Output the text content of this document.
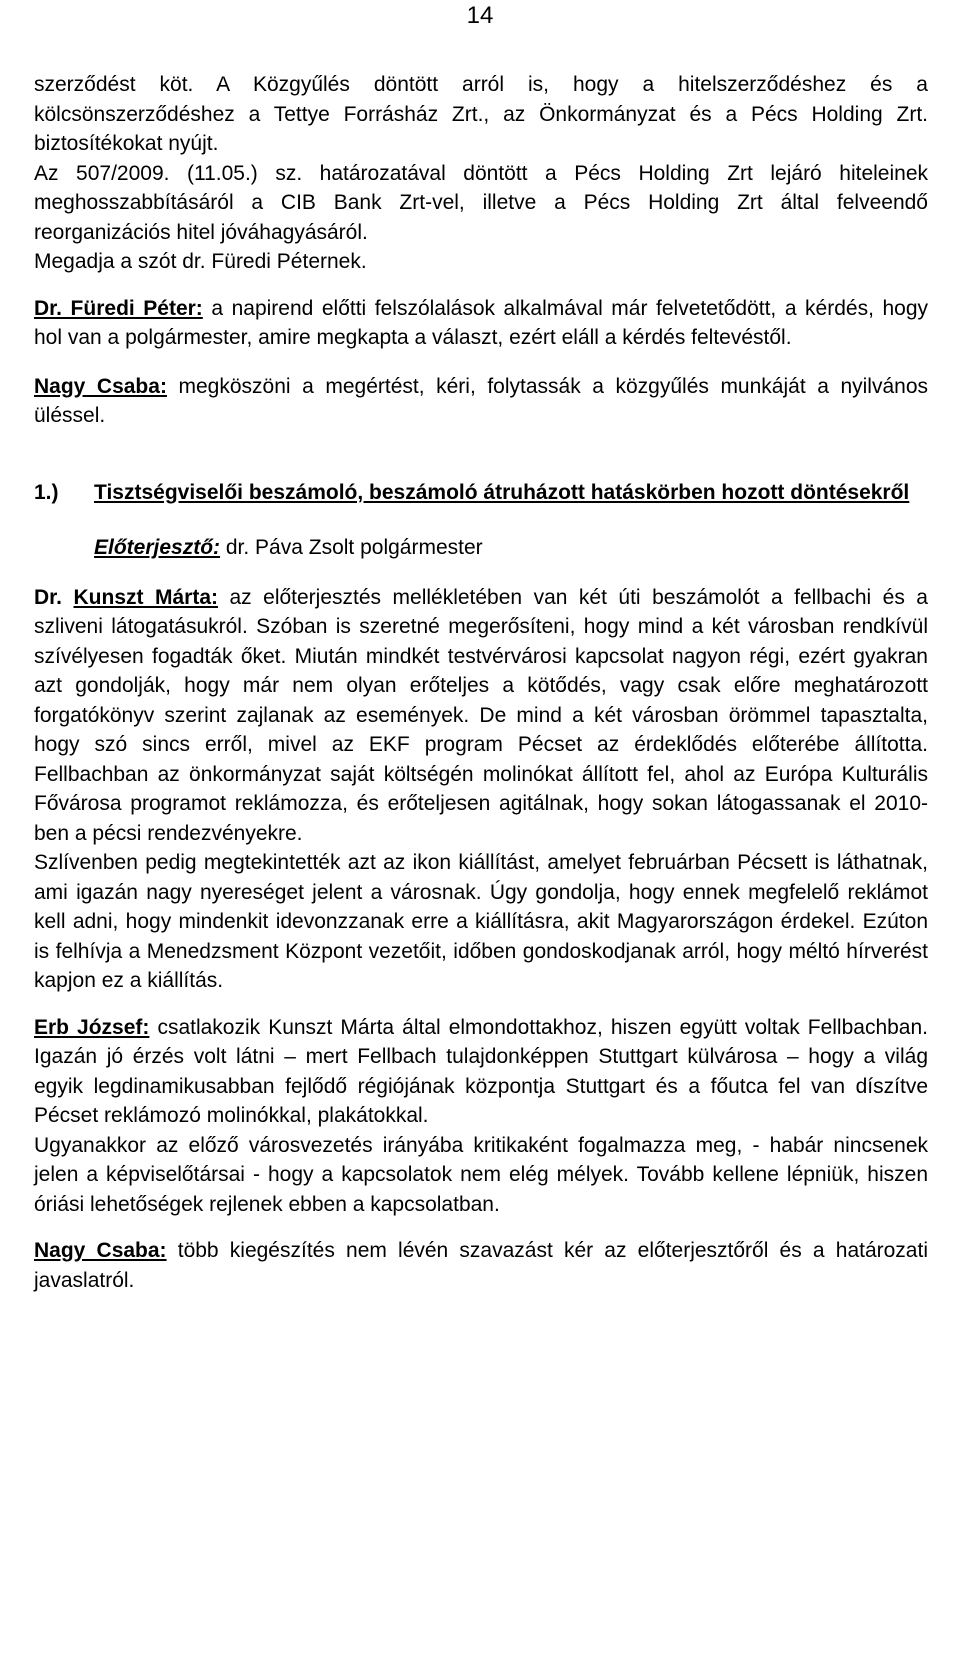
14

szerződést köt. A Közgyűlés döntött arról is, hogy a hitelszerződéshez és a kölcsönszerződéshez a Tettye Forrásház Zrt., az Önkormányzat és a Pécs Holding Zrt. biztosítékokat nyújt.

Az 507/2009. (11.05.) sz. határozatával döntött a Pécs Holding Zrt lejáró hiteleinek meghosszabbításáról a CIB Bank Zrt-vel, illetve a Pécs Holding Zrt által felveendő reorganizációs hitel jóváhagyásáról.

Megadja a szót dr. Füredi Péternek.

Dr. Füredi Péter: a napirend előtti felszólalások alkalmával már felvetetődött, a kérdés, hogy hol van a polgármester, amire megkapta a választ, ezért eláll a kérdés feltevéstől.

Nagy Csaba: megköszöni a megértést, kéri, folytassák a közgyűlés munkáját a nyilvános üléssel.

1.)	Tisztségviselői beszámoló, beszámoló átruházott hatáskörben hozott döntésekről

Előterjesztő: dr. Páva Zsolt polgármester

Dr. Kunszt Márta: az előterjesztés mellékletében van két úti beszámolót a fellbachi és a szliveni látogatásukról. Szóban is szeretné megerősíteni, hogy mind a két városban rendkívül szívélyesen fogadták őket. Miután mindkét testvérvárosi kapcsolat nagyon régi, ezért gyakran azt gondolják, hogy már nem olyan erőteljes a kötődés, vagy csak előre meghatározott forgatókönyv szerint zajlanak az események. De mind a két városban örömmel tapasztalta, hogy szó sincs erről, mivel az EKF program Pécset az érdeklődés előterébe állította. Fellbachban az önkormányzat saját költségén molinókat állított fel, ahol az Európa Kulturális Fővárosa programot reklámozza, és erőteljesen agitálnak, hogy sokan látogassanak el 2010-ben a pécsi rendezvényekre.

Szlívenben pedig megtekintették azt az ikon kiállítást, amelyet februárban Pécsett is láthatnak, ami igazán nagy nyereséget jelent a városnak. Úgy gondolja, hogy ennek megfelelő reklámot kell adni, hogy mindenkit idevonzzanak erre a kiállításra, akit Magyarországon érdekel. Ezúton is felhívja a Menedzsment Központ vezetőit, időben gondoskodjanak arról, hogy méltó hírverést kapjon ez a kiállítás.

Erb József: csatlakozik Kunszt Márta által elmondottakhoz, hiszen együtt voltak Fellbachban. Igazán jó érzés volt látni – mert Fellbach tulajdonképpen Stuttgart külvárosa – hogy a világ egyik legdinamikusabban fejlődő régiójának központja Stuttgart és a főutca fel van díszítve Pécset reklámozó molinókkal, plakátokkal.

Ugyanakkor az előző városvezetés irányába kritikaként fogalmazza meg, - habár nincsenek jelen a képviselőtársai - hogy a kapcsolatok nem elég mélyek. Tovább kellene lépniük, hiszen óriási lehetőségek rejlenek ebben a kapcsolatban.

Nagy Csaba: több kiegészítés nem lévén szavazást kér az előterjesztőről és a határozati javaslatról.
